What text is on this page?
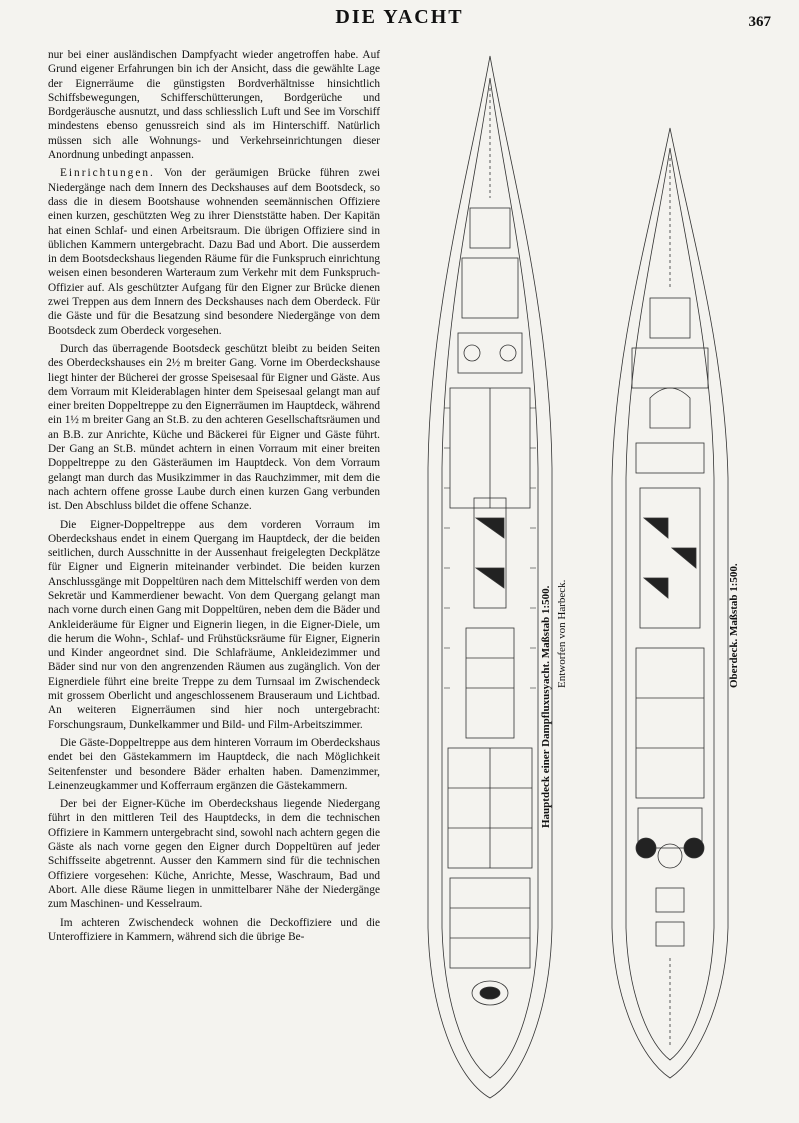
DIE YACHT	367

nur bei einer ausländischen Dampfyacht wieder angetroffen habe. Auf Grund eigener Erfahrungen bin ich der Ansicht, dass die gewählte Lage der Eignerräume die günstigsten Bordverhältnisse hinsichtlich Schiffsbewegungen, Schifferschütterungen, Bordgerüche und Bordgeräusche ausnutzt, und dass schliesslich Luft und See im Vorschiff mindestens ebenso genussreich sind als im Hinterschiff. Natürlich müssen sich alle Wohnungs- und Verkehrseinrichtungen dieser Anordnung unbedingt anpassen.

Einrichtungen. Von der geräumigen Brücke führen zwei Niedergänge nach dem Innern des Deckshauses auf dem Bootsdeck, so dass die in diesem Bootshause wohnenden seemännischen Offiziere einen kurzen, geschützten Weg zu ihrer Dienststätte haben. Der Kapitän hat einen Schlaf- und einen Arbeitsraum. Die übrigen Offiziere sind in üblichen Kammern untergebracht. Dazu Bad und Abort. Die ausserdem in dem Bootsdeckshaus liegenden Räume für die Funkspruch einrichtung weisen einen besonderen Warteraum zum Verkehr mit dem Funkspruch-Offizier auf. Als geschützter Aufgang für den Eigner zur Brücke dienen zwei Treppen aus dem Innern des Deckshauses nach dem Oberdeck. Für die Gäste und für die Besatzung sind besondere Niedergänge von dem Bootsdeck zum Oberdeck vorgesehen.

Durch das überragende Bootsdeck geschützt bleibt zu beiden Seiten des Oberdeckshauses ein 2½ m breiter Gang. Vorne im Oberdeckshause liegt hinter der Bücherei der grosse Speisesaal für Eigner und Gäste. Aus dem Vorraum mit Kleiderablagen hinter dem Speisesaal gelangt man auf einer breiten Doppeltreppe zu den Eignerräumen im Hauptdeck, während ein 1½ m breiter Gang an St.B. zu den achteren Gesellschaftsräumen und an B.B. zur Anrichte, Küche und Bäckerei für Eigner und Gäste führt. Der Gang an St.B. mündet achtern in einen Vorraum mit einer breiten Doppeltreppe zu den Gästeräumen im Hauptdeck. Von dem Vorraum gelangt man durch das Musikzimmer in das Rauchzimmer, mit dem die nach achtern offene grosse Laube durch einen kurzen Gang verbunden ist. Den Abschluss bildet die offene Schanze.

Die Eigner-Doppeltreppe aus dem vorderen Vorraum im Oberdeckshaus endet in einem Quergang im Hauptdeck, der die beiden seitlichen, durch Ausschnitte in der Aussenhaut freigelegten Deckplätze für Eigner und Eignerin miteinander verbindet. Die beiden kurzen Anschlussgänge mit Doppeltüren nach dem Mittelschiff werden von dem Sekretär und Kammerdiener bewacht. Von dem Quergang gelangt man nach vorne durch einen Gang mit Doppeltüren, neben dem die Bäder und Ankleideräume für Eigner und Eignerin liegen, in die Eigner-Diele, um die herum die Wohn-, Schlaf- und Frühstücksräume für Eigner, Eignerin und Kinder angeordnet sind. Die Schlafräume, Ankleidezimmer und Bäder sind nur von den angrenzenden Räumen aus zugänglich. Von der Eignerdiele führt eine breite Treppe zu dem Turnsaal im Zwischendeck mit grossem Oberlicht und angeschlossenem Brauseraum und Lichtbad. An weiteren Eignerräumen sind hier noch untergebracht: Forschungsraum, Dunkelkammer und Bild- und Film-Arbeitszimmer.

Die Gäste-Doppeltreppe aus dem hinteren Vorraum im Oberdeckshaus endet bei den Gästekammern im Hauptdeck, die nach Möglichkeit Seitenfenster und besondere Bäder erhalten haben. Damenzimmer, Leinenzeugkammer und Kofferraum ergänzen die Gästekammern.

Der bei der Eigner-Küche im Oberdeckshaus liegende Niedergang führt in den mittleren Teil des Hauptdecks, in dem die technischen Offiziere in Kammern untergebracht sind, sowohl nach achtern gegen die Gäste als nach vorne gegen den Eigner durch Doppeltüren auf jeder Schiffsseite abgetrennt. Ausser den Kammern sind für die technischen Offiziere vorgesehen: Küche, Anrichte, Messe, Waschraum, Bad und Abort. Alle diese Räume liegen in unmittelbarer Nähe der Niedergänge zum Maschinen- und Kesselraum.

Im achteren Zwischendeck wohnen die Deckoffiziere und die Unteroffiziere in Kammern, während sich die übrige Be-

Hauptdeck einer Dampfluxusyacht. Maßstab 1:500. Entworfen von Harbeck.	Oberdeck. Maßstab 1:500.
